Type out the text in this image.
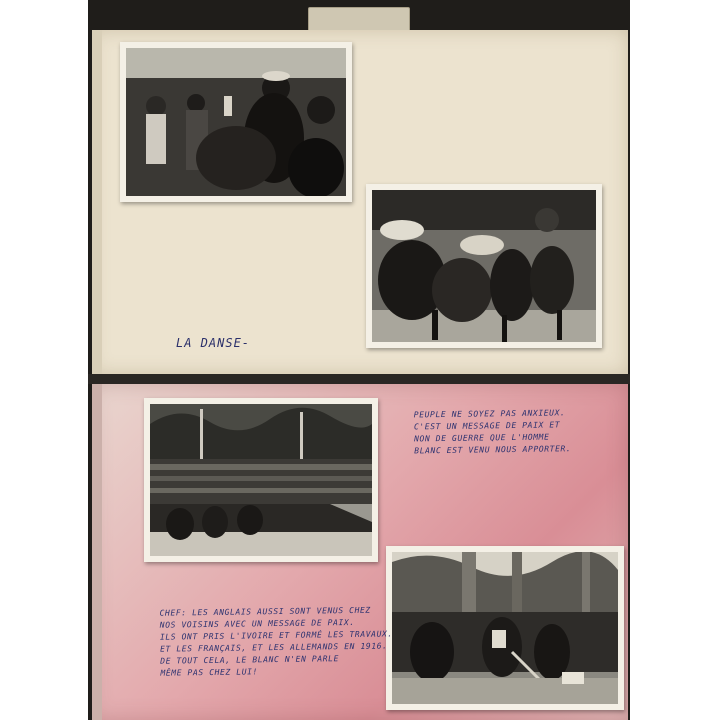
LA DANSE-
PEUPLE NE SOYEZ PAS ANXIEUX.
C'EST UN MESSAGE DE PAIX ET
NON DE GUERRE QUE L'HOMME
BLANC EST VENU NOUS APPORTER.
CHEF: LES ANGLAIS AUSSI SONT VENUS CHEZ
NOS VOISINS AVEC UN MESSAGE DE PAIX.
ILS ONT PRIS L'IVOIRE ET FORMÉ LES TRAVAUX.
ET LES FRANÇAIS, ET LES ALLEMANDS EN 1916.
DE TOUT CELA, LE BLANC N'EN PARLE
MÊME PAS CHEZ LUI!
